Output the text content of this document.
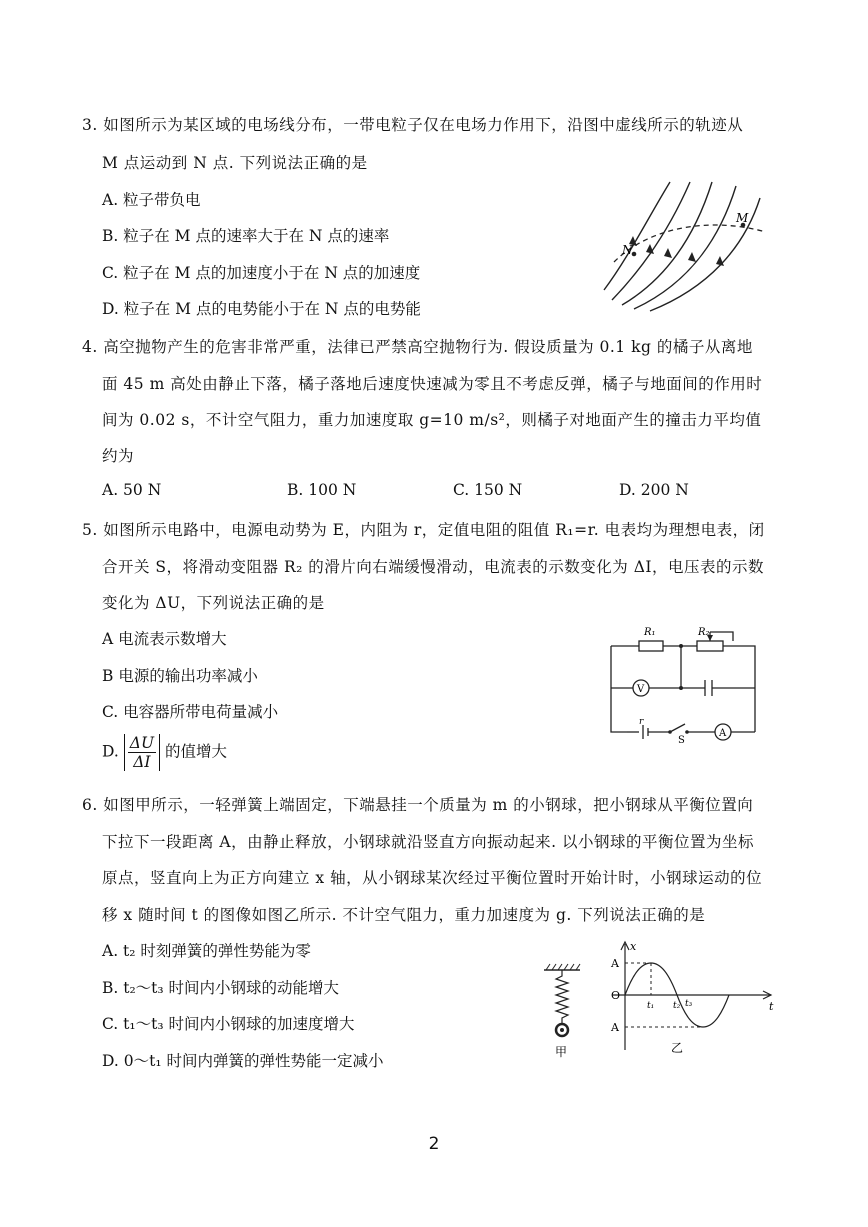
3. 如图所示为某区域的电场线分布，一带电粒子仅在电场力作用下，沿图中虚线所示的轨迹从
M 点运动到 N 点. 下列说法正确的是
A. 粒子带负电
B. 粒子在 M 点的速率大于在 N 点的速率
C. 粒子在 M 点的加速度小于在 N 点的加速度
D. 粒子在 M 点的电势能小于在 N 点的电势能
M
N
4. 高空抛物产生的危害非常严重，法律已严禁高空抛物行为. 假设质量为 0.1 kg 的橘子从离地
面 45 m 高处由静止下落，橘子落地后速度快速减为零且不考虑反弹，橘子与地面间的作用时
间为 0.02 s，不计空气阻力，重力加速度取 g=10 m/s²，则橘子对地面产生的撞击力平均值
约为
A. 50 N	B. 100 N	C. 150 N	D. 200 N
5. 如图所示电路中，电源电动势为 E，内阻为 r，定值电阻的阻值 R₁=r. 电表均为理想电表，闭
合开关 S，将滑动变阻器 R₂ 的滑片向右端缓慢滑动，电流表的示数变化为 ΔI，电压表的示数
变化为 ΔU，下列说法正确的是
A 电流表示数增大
B 电源的输出功率减小
C. 电容器所带电荷量减小
D. $\frac{\Delta U}{\Delta I}$ 的值增大
R₁	R₂
V
A
S
r
6. 如图甲所示，一轻弹簧上端固定，下端悬挂一个质量为 m 的小钢球，把小钢球从平衡位置向
下拉下一段距离 A，由静止释放，小钢球就沿竖直方向振动起来. 以小钢球的平衡位置为坐标
原点，竖直向上为正方向建立 x 轴，从小钢球某次经过平衡位置时开始计时，小钢球运动的位
移 x 随时间 t 的图像如图乙所示. 不计空气阻力，重力加速度为 g. 下列说法正确的是
A. t₂ 时刻弹簧的弹性势能为零
B. t₂～t₃ 时间内小钢球的动能增大
C. t₁～t₃ 时间内小钢球的加速度增大
D. 0～t₁ 时间内弹簧的弹性势能一定减小	甲
x
t
O
A
A
t₁ t₂ t₃
乙
2
